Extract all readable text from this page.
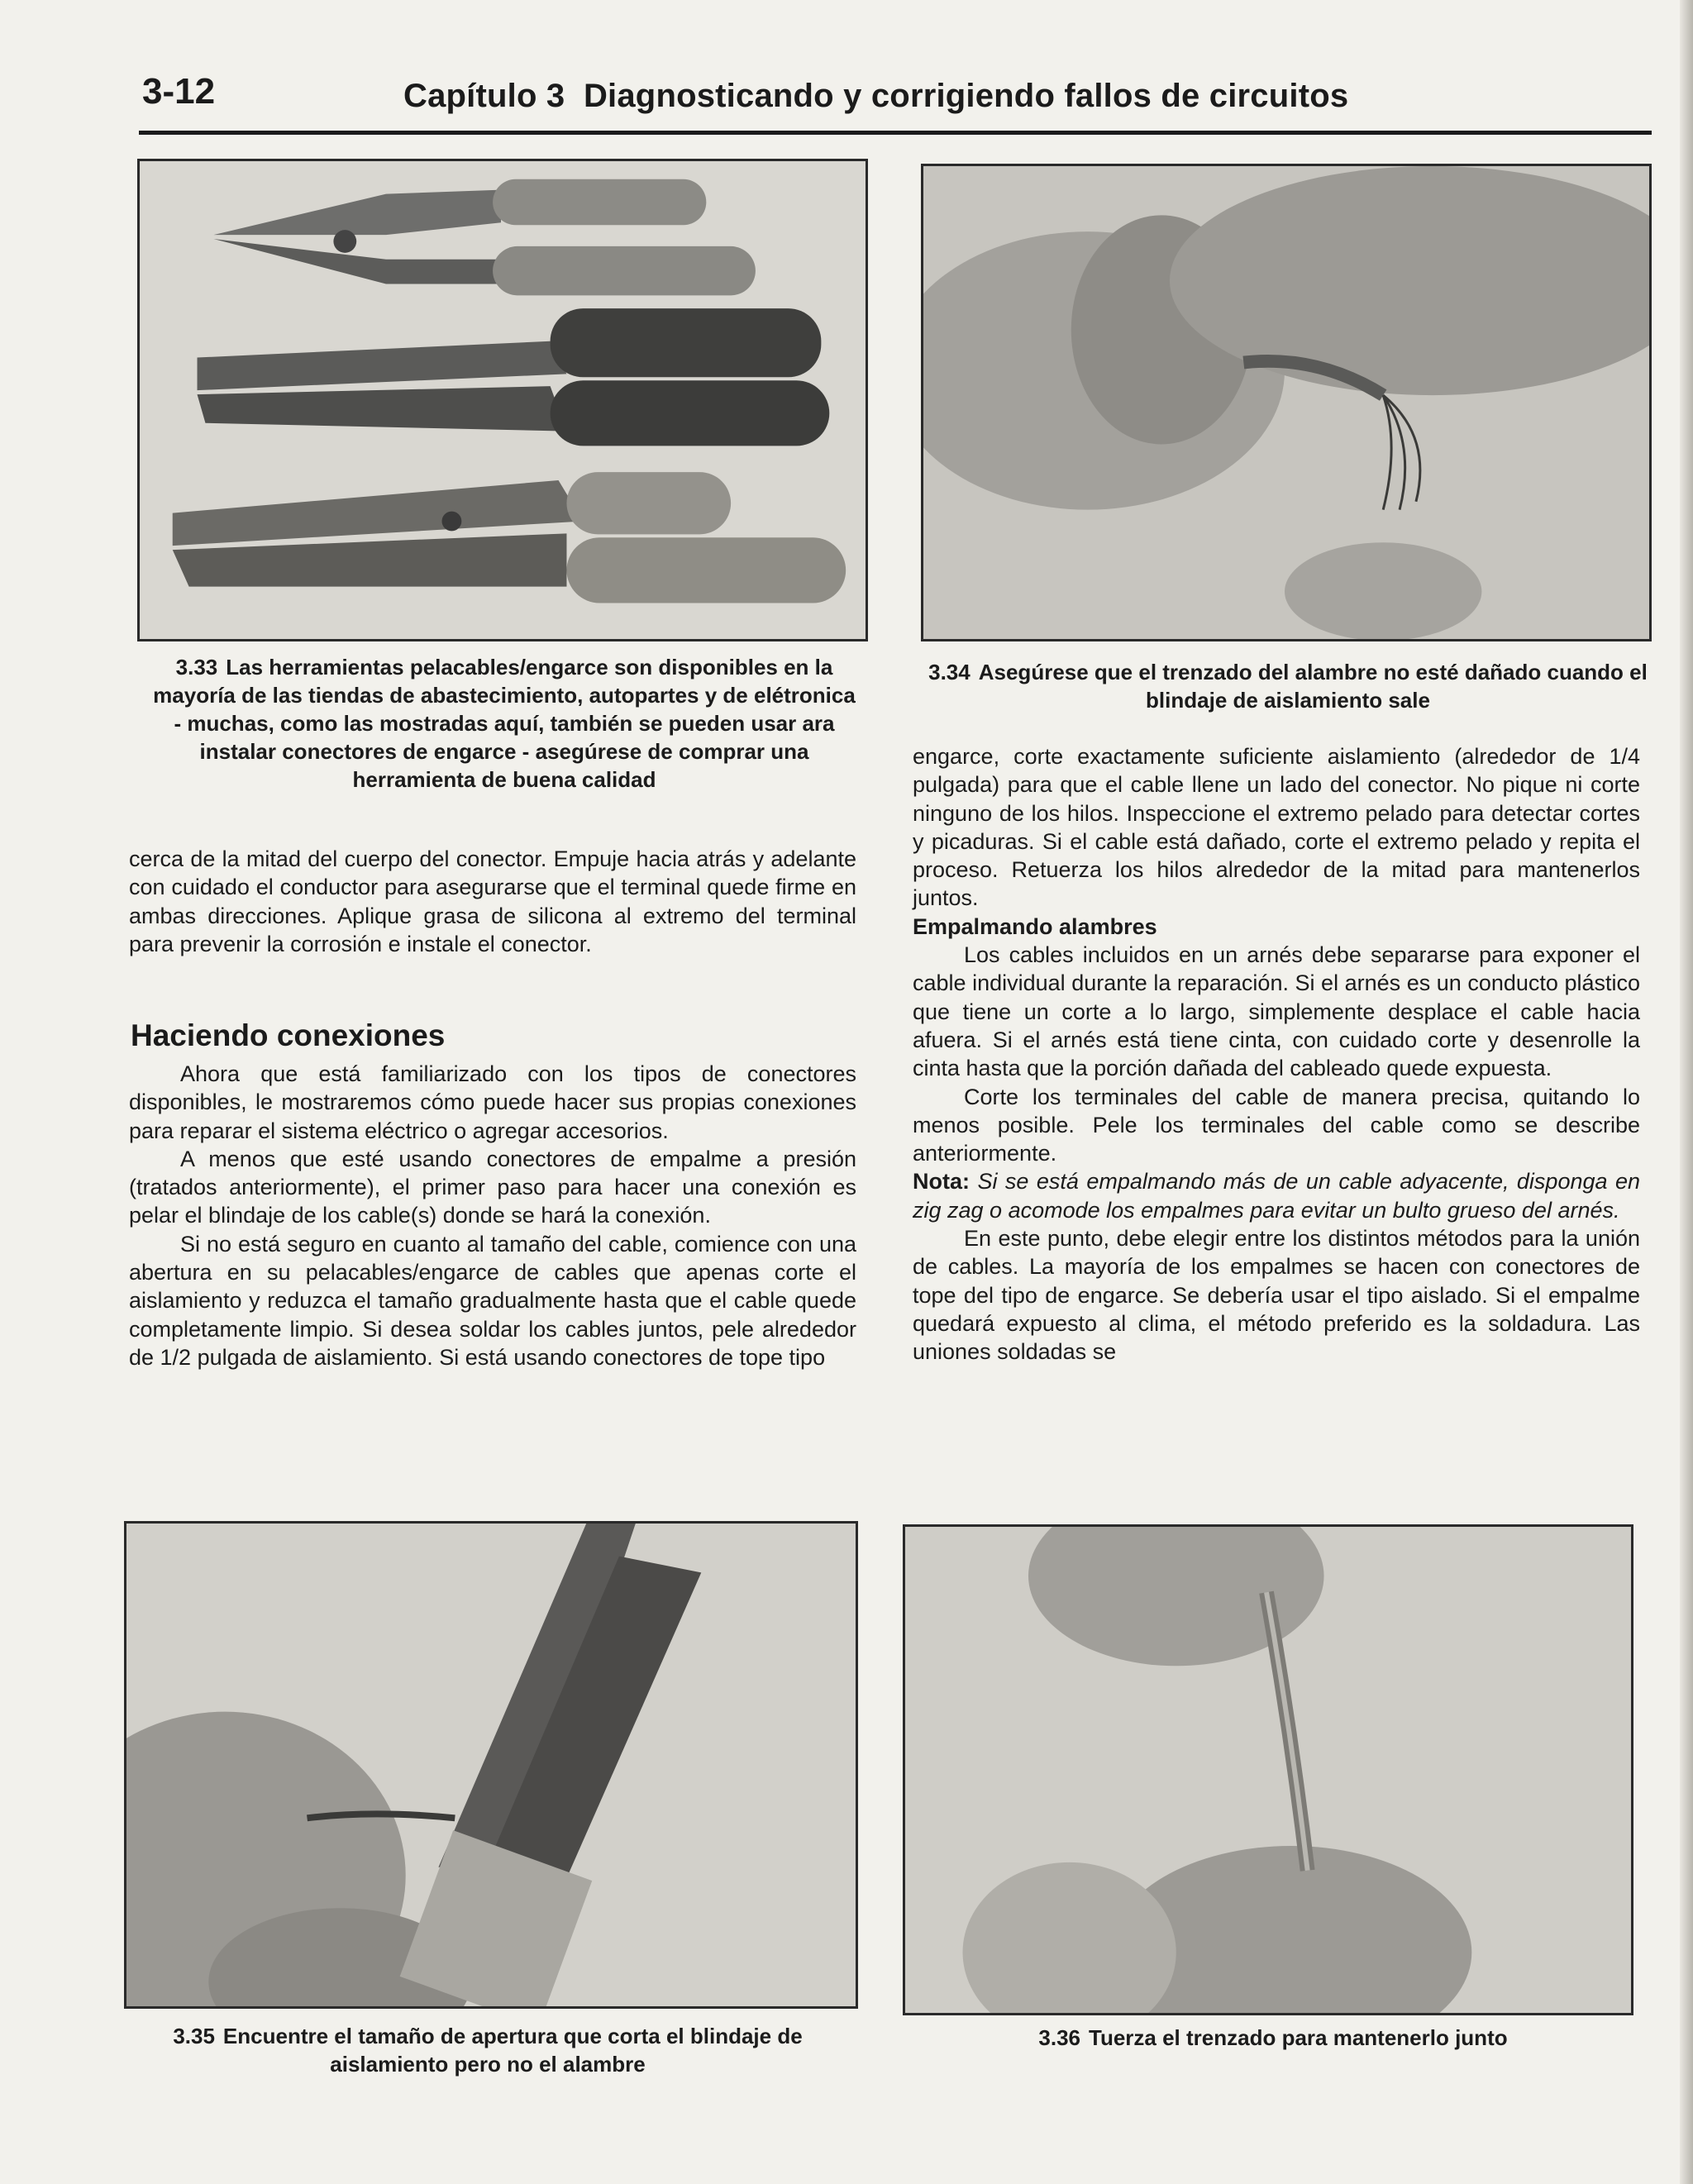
3-12	Capítulo 3  Diagnosticando y corrigiendo fallos de circuitos
3.33 Las herramientas pelacables/engarce son disponibles en la mayoría de las tiendas de abastecimiento, autopartes y de elétronica - muchas, como las mostradas aquí, también se pueden usar ara instalar conectores de engarce - asegúrese de comprar una herramienta de buena calidad
3.34 Asegúrese que el trenzado del alambre no esté dañado cuando el blindaje de aislamiento sale

cerca de la mitad del cuerpo del conector. Empuje hacia atrás y adelante con cuidado el conductor para asegurarse que el terminal quede firme en ambas direcciones. Aplique grasa de silicona al extremo del terminal para prevenir la corrosión e instale el conector.

Haciendo conexiones

Ahora que está familiarizado con los tipos de conectores disponibles, le mostraremos cómo puede hacer sus propias conexiones para reparar el sistema eléctrico o agregar accesorios.

A menos que esté usando conectores de empalme a presión (tratados anteriormente), el primer paso para hacer una conexión es pelar el blindaje de los cable(s) donde se hará la conexión.

Si no está seguro en cuanto al tamaño del cable, comience con una abertura en su pelacables/engarce de cables que apenas corte el aislamiento y reduzca el tamaño gradualmente hasta que el cable quede completamente limpio. Si desea soldar los cables juntos, pele alrededor de 1/2 pulgada de aislamiento. Si está usando conectores de tope tipo

engarce, corte exactamente suficiente aislamiento (alrededor de 1/4 pulgada) para que el cable llene un lado del conector. No pique ni corte ninguno de los hilos. Inspeccione el extremo pelado para detectar cortes y picaduras. Si el cable está dañado, corte el extremo pelado y repita el proceso. Retuerza los hilos alrededor de la mitad para mantenerlos juntos.

Empalmando alambres

Los cables incluidos en un arnés debe separarse para exponer el cable individual durante la reparación. Si el arnés es un conducto plástico que tiene un corte a lo largo, simplemente desplace el cable hacia afuera. Si el arnés está tiene cinta, con cuidado corte y desenrolle la cinta hasta que la porción dañada del cableado quede expuesta.

Corte los terminales del cable de manera precisa, quitando lo menos posible. Pele los terminales del cable como se describe anteriormente.

Nota: Si se está empalmando más de un cable adyacente, disponga en zig zag o acomode los empalmes para evitar un bulto grueso del arnés.

En este punto, debe elegir entre los distintos métodos para la unión de cables. La mayoría de los empalmes se hacen con conectores de tope del tipo de engarce. Se debería usar el tipo aislado. Si el empalme quedará expuesto al clima, el método preferido es la soldadura. Las uniones soldadas se

3.35 Encuentre el tamaño de apertura que corta el blindaje de aislamiento pero no el alambre
3.36 Tuerza el trenzado para mantenerlo junto
